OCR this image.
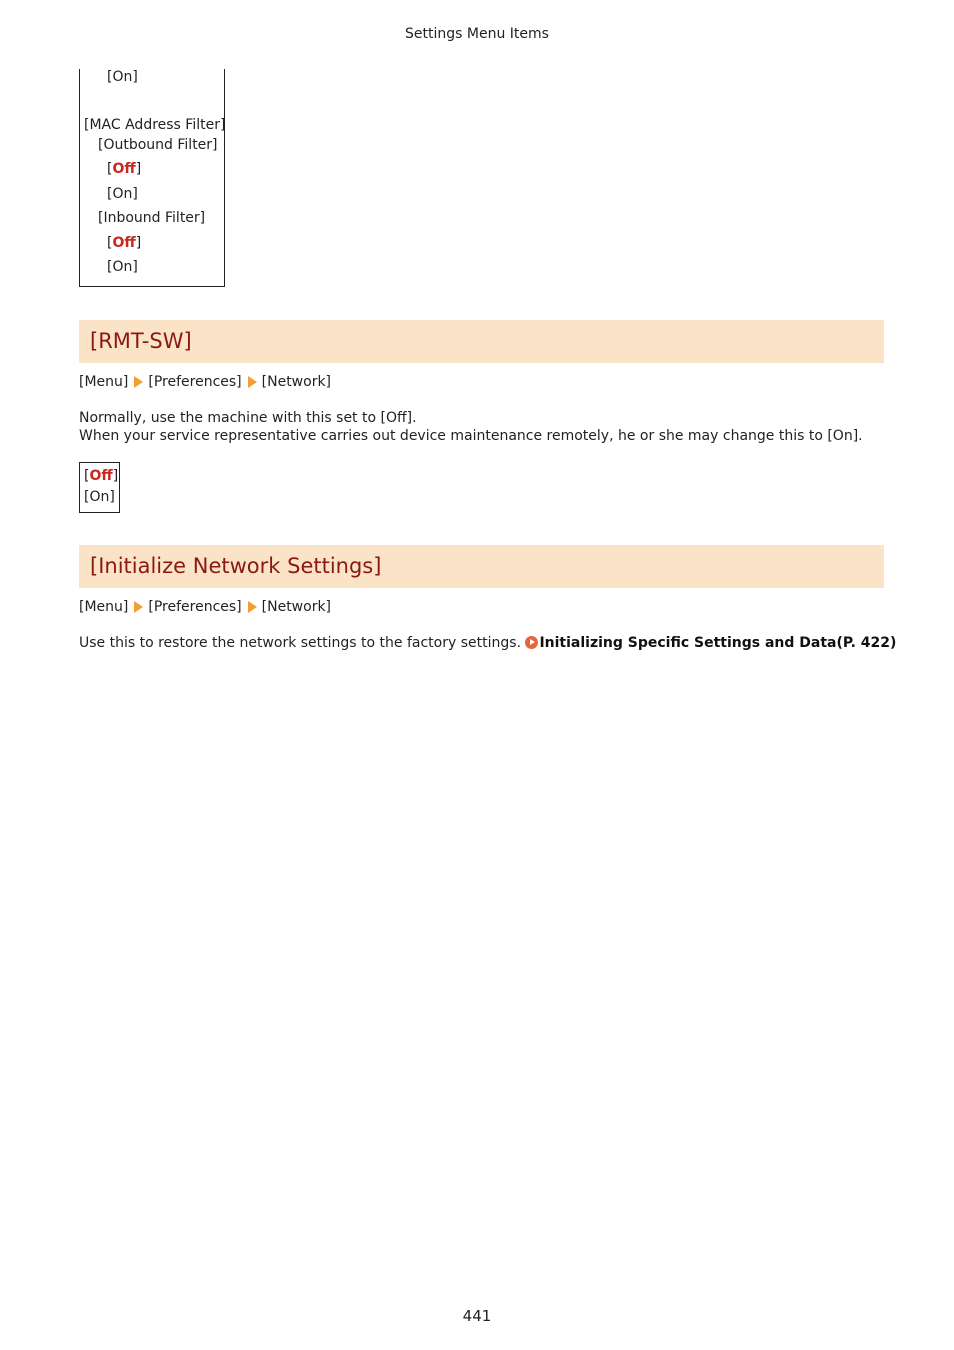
Settings Menu Items
[On]
[MAC Address Filter]
[Outbound Filter]
[Off]
[On]
[Inbound Filter]
[Off]
[On]
[RMT-SW]
[Menu] [Preferences] [Network]
Normally, use the machine with this set to [Off].
When your service representative carries out device maintenance remotely, he or she may change this to [On].
[Off]
[On]
[Initialize Network Settings]
[Menu] [Preferences] [Network]
Use this to restore the network settings to the factory settings. Initializing Specific Settings and Data(P. 422)
441
